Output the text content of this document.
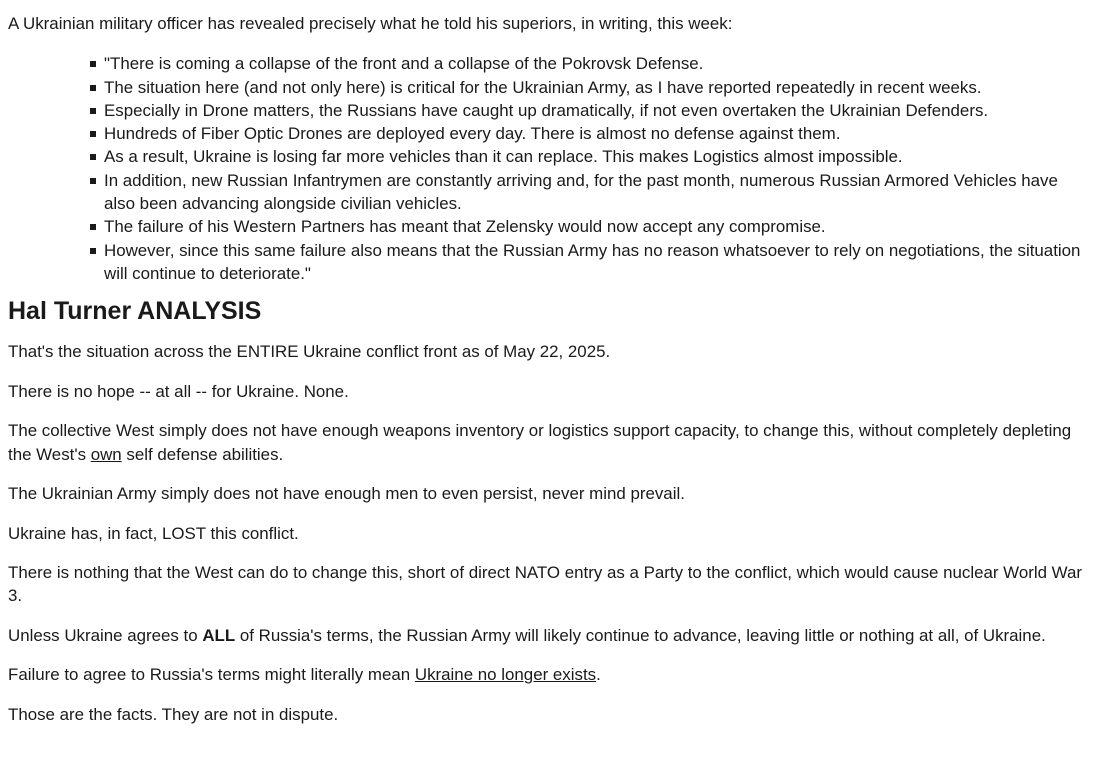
A Ukrainian military officer has revealed precisely what he told his superiors, in writing, this week:

"There is coming a collapse of the front and a collapse of the Pokrovsk Defense.
The situation here (and not only here) is critical for the Ukrainian Army, as I have reported repeatedly in recent weeks.
Especially in Drone matters, the Russians have caught up dramatically, if not even overtaken the Ukrainian Defenders.
Hundreds of Fiber Optic Drones are deployed every day. There is almost no defense against them.
As a result, Ukraine is losing far more vehicles than it can replace. This makes Logistics almost impossible.
In addition, new Russian Infantrymen are constantly arriving and, for the past month, numerous Russian Armored Vehicles have also been advancing alongside civilian vehicles.
The failure of his Western Partners has meant that Zelensky would now accept any compromise.
However, since this same failure also means that the Russian Army has no reason whatsoever to rely on negotiations, the situation will continue to deteriorate."
Hal Turner ANALYSIS

That's the situation across the ENTIRE Ukraine conflict front as of May 22, 2025.

There is no hope -- at all -- for Ukraine. None.

The collective West simply does not have enough weapons inventory or logistics support capacity, to change this, without completely depleting the West's own self defense abilities.

The Ukrainian Army simply does not have enough men to even persist, never mind prevail.

Ukraine has, in fact, LOST this conflict.

There is nothing that the West can do to change this, short of direct NATO entry as a Party to the conflict, which would cause nuclear World War 3.

Unless Ukraine agrees to ALL of Russia's terms, the Russian Army will likely continue to advance, leaving little or nothing at all, of Ukraine.

Failure to agree to Russia's terms might literally mean Ukraine no longer exists.

Those are the facts. They are not in dispute.
